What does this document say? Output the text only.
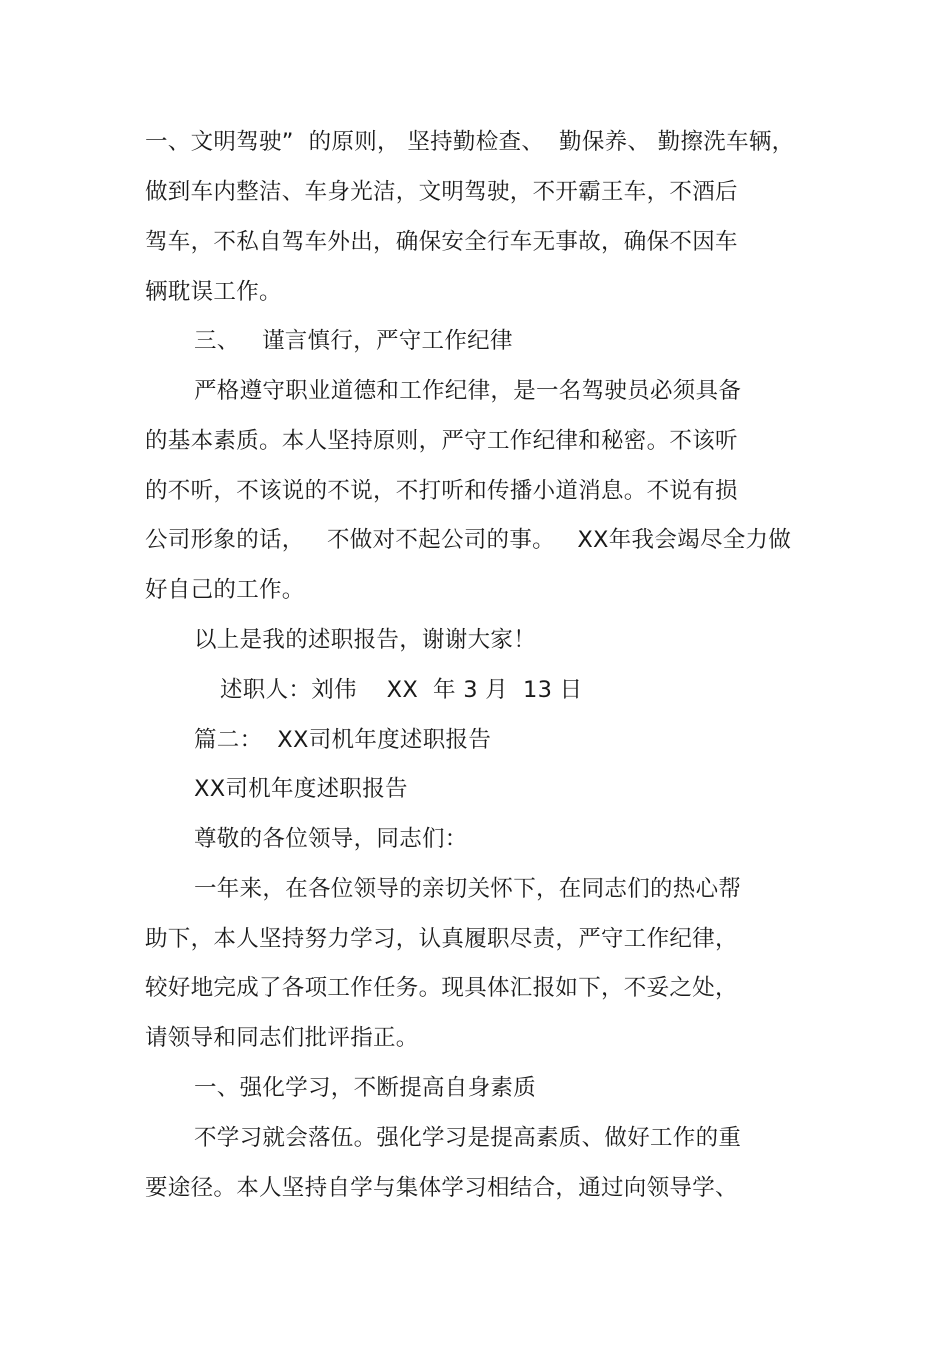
一、文明驾驶”  的原则， 坚持勤检查、  勤保养、 勤擦洗车辆，
做到车内整洁、车身光洁，文明驾驶，不开霸王车，不酒后
驾车，不私自驾车外出，确保安全行车无事故，确保不因车
辆耽误工作。
三、   谨言慎行，严守工作纪律
严格遵守职业道德和工作纪律，是一名驾驶员必须具备
的基本素质。本人坚持原则，严守工作纪律和秘密。不该听
的不听，不该说的不说，不打听和传播小道消息。不说有损
公司形象的话，   不做对不起公司的事。   XX年我会竭尽全力做
好自己的工作。
以上是我的述职报告，谢谢大家！
述职人：刘伟    XX  年 3 月  13 日
篇二：  XX司机年度述职报告
XX司机年度述职报告
尊敬的各位领导，同志们：
一年来，在各位领导的亲切关怀下，在同志们的热心帮
助下，本人坚持努力学习，认真履职尽责，严守工作纪律，
较好地完成了各项工作任务。现具体汇报如下，不妥之处，
请领导和同志们批评指正。
一、强化学习，不断提高自身素质
不学习就会落伍。强化学习是提高素质、做好工作的重
要途径。本人坚持自学与集体学习相结合，通过向领导学、
